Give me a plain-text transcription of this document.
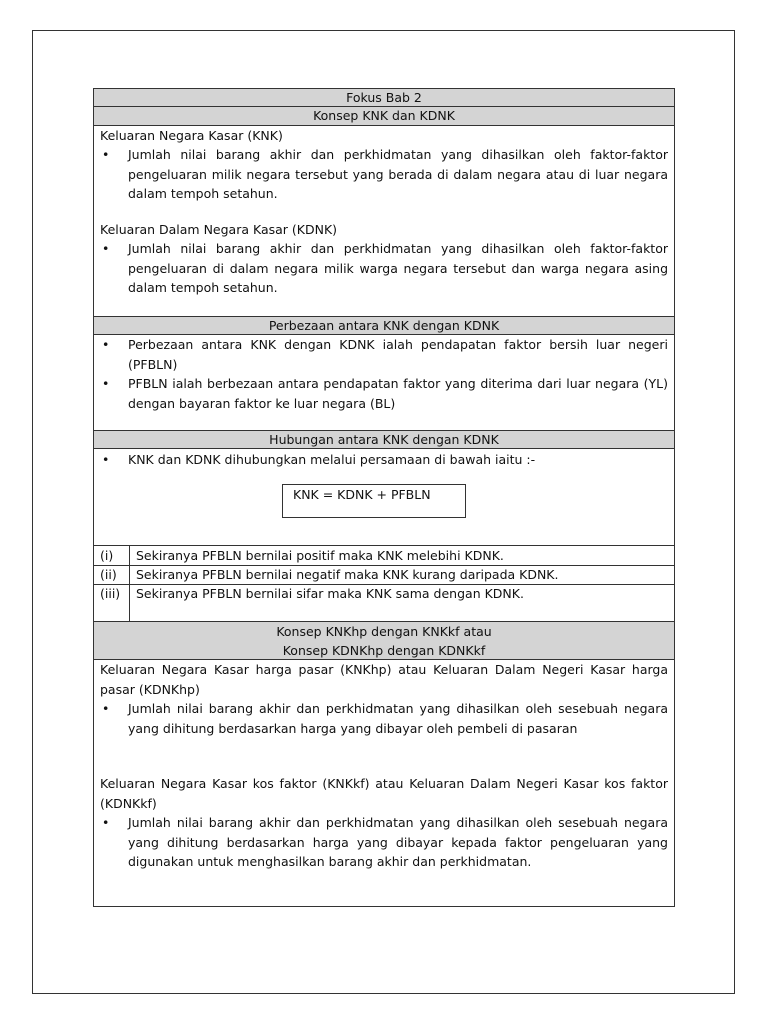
Fokus Bab 2
Konsep KNK dan KDNK
Keluaran Negara Kasar (KNK)
• Jumlah nilai barang akhir dan perkhidmatan yang dihasilkan oleh faktor-faktor pengeluaran milik negara tersebut yang berada di dalam negara atau di luar negara dalam tempoh setahun.
Keluaran Dalam Negara Kasar (KDNK)
• Jumlah nilai barang akhir dan perkhidmatan yang dihasilkan oleh faktor-faktor pengeluaran di dalam negara milik warga negara tersebut dan warga negara asing dalam tempoh setahun.
Perbezaan antara KNK dengan KDNK
• Perbezaan antara KNK dengan KDNK ialah pendapatan faktor bersih luar negeri (PFBLN)
• PFBLN ialah berbezaan antara pendapatan faktor yang diterima dari luar negara (YL) dengan bayaran faktor ke luar negara (BL)
Hubungan antara KNK dengan KDNK
• KNK dan KDNK dihubungkan melalui persamaan di bawah iaitu :-
KNK = KDNK + PFBLN
(i) Sekiranya PFBLN bernilai positif maka KNK melebihi KDNK.
(ii) Sekiranya PFBLN bernilai negatif maka KNK kurang daripada KDNK.
(iii) Sekiranya PFBLN bernilai sifar maka KNK sama dengan KDNK.
Konsep KNKhp dengan KNKkf atau
Konsep KDNKhp dengan KDNKkf
Keluaran Negara Kasar harga pasar (KNKhp) atau Keluaran Dalam Negeri Kasar harga pasar (KDNKhp)
• Jumlah nilai barang akhir dan perkhidmatan yang dihasilkan oleh sesebuah negara yang dihitung berdasarkan harga yang dibayar oleh pembeli di pasaran
Keluaran Negara Kasar kos faktor (KNKkf) atau Keluaran Dalam Negeri Kasar kos faktor (KDNKkf)
• Jumlah nilai barang akhir dan perkhidmatan yang dihasilkan oleh sesebuah negara yang dihitung berdasarkan harga yang dibayar kepada faktor pengeluaran yang digunakan untuk menghasilkan barang akhir dan perkhidmatan.
